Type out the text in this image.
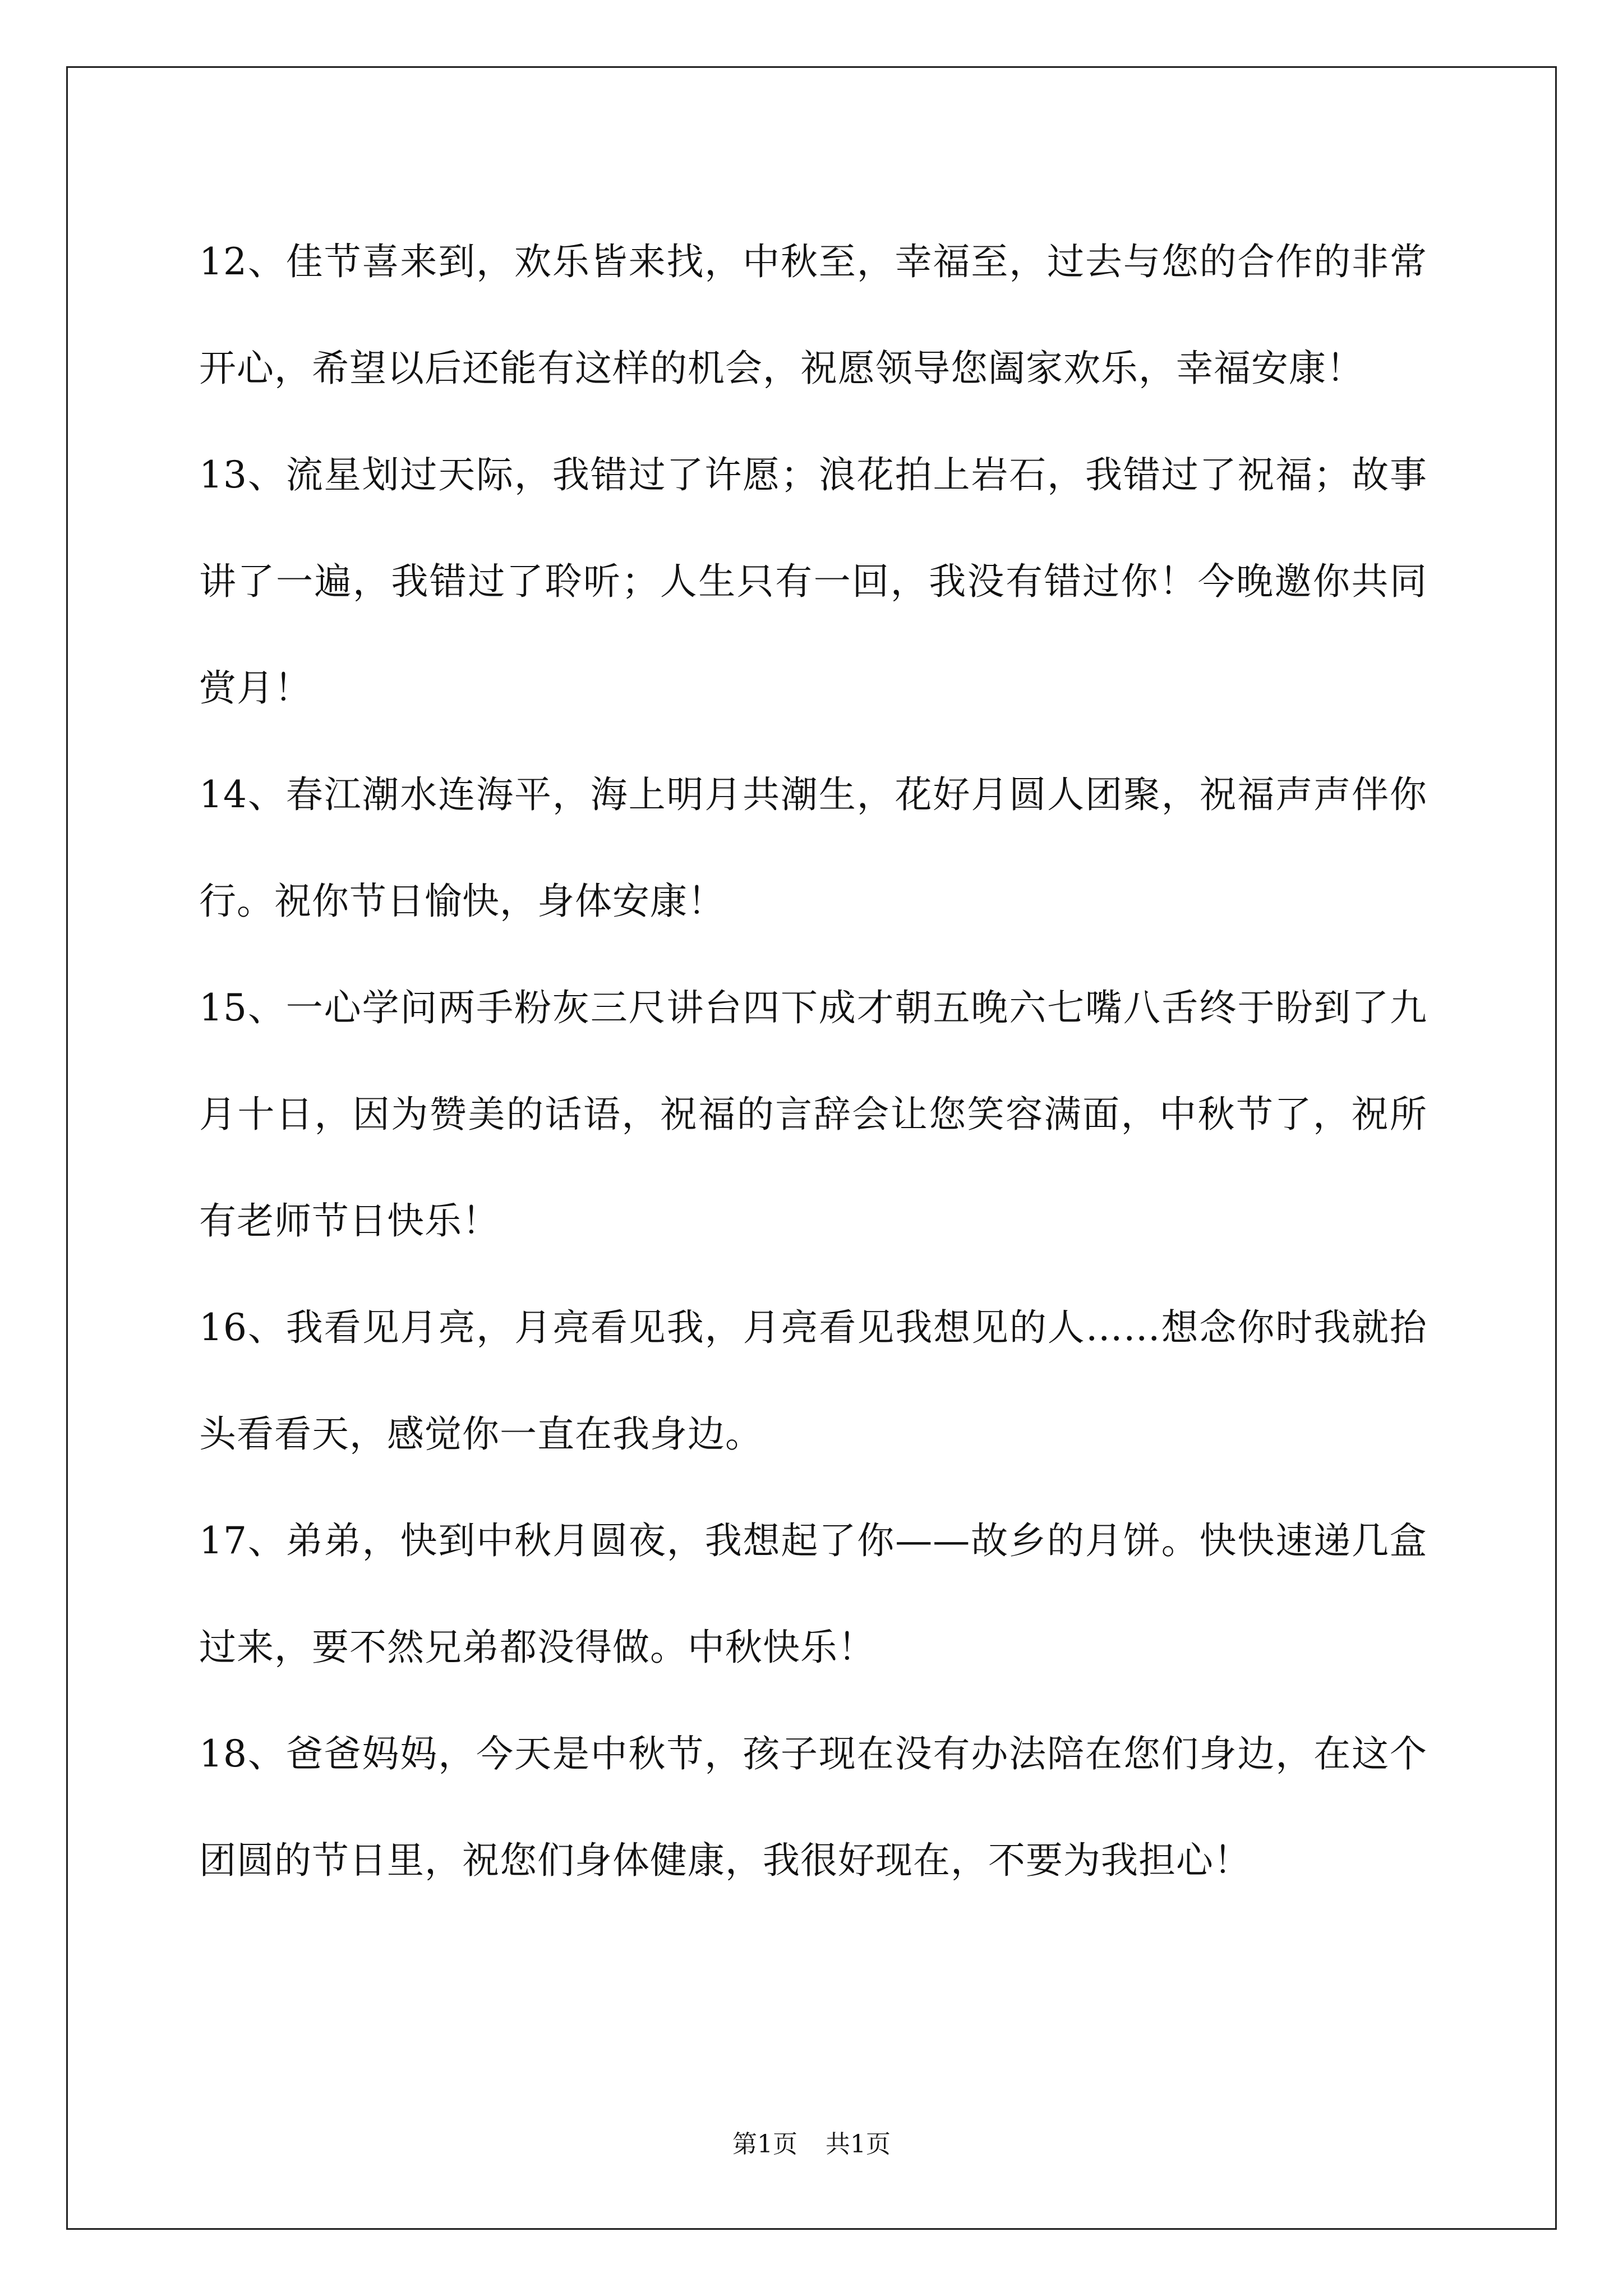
12、佳节喜来到，欢乐皆来找，中秋至，幸福至，过去与您的合作的非常开心，希望以后还能有这样的机会，祝愿领导您阖家欢乐，幸福安康！

13、流星划过天际，我错过了许愿；浪花拍上岩石，我错过了祝福；故事讲了一遍，我错过了聆听；人生只有一回，我没有错过你！今晚邀你共同赏月！

14、春江潮水连海平，海上明月共潮生，花好月圆人团聚，祝福声声伴你行。祝你节日愉快，身体安康！

15、一心学问两手粉灰三尺讲台四下成才朝五晚六七嘴八舌终于盼到了九月十日，因为赞美的话语，祝福的言辞会让您笑容满面，中秋节了，祝所有老师节日快乐！

16、我看见月亮，月亮看见我，月亮看见我想见的人……想念你时我就抬头看看天，感觉你一直在我身边。

17、弟弟，快到中秋月圆夜，我想起了你——故乡的月饼。快快速递几盒过来，要不然兄弟都没得做。中秋快乐！

18、爸爸妈妈，今天是中秋节，孩子现在没有办法陪在您们身边，在这个团圆的节日里，祝您们身体健康，我很好现在，不要为我担心！

第1页 共1页
